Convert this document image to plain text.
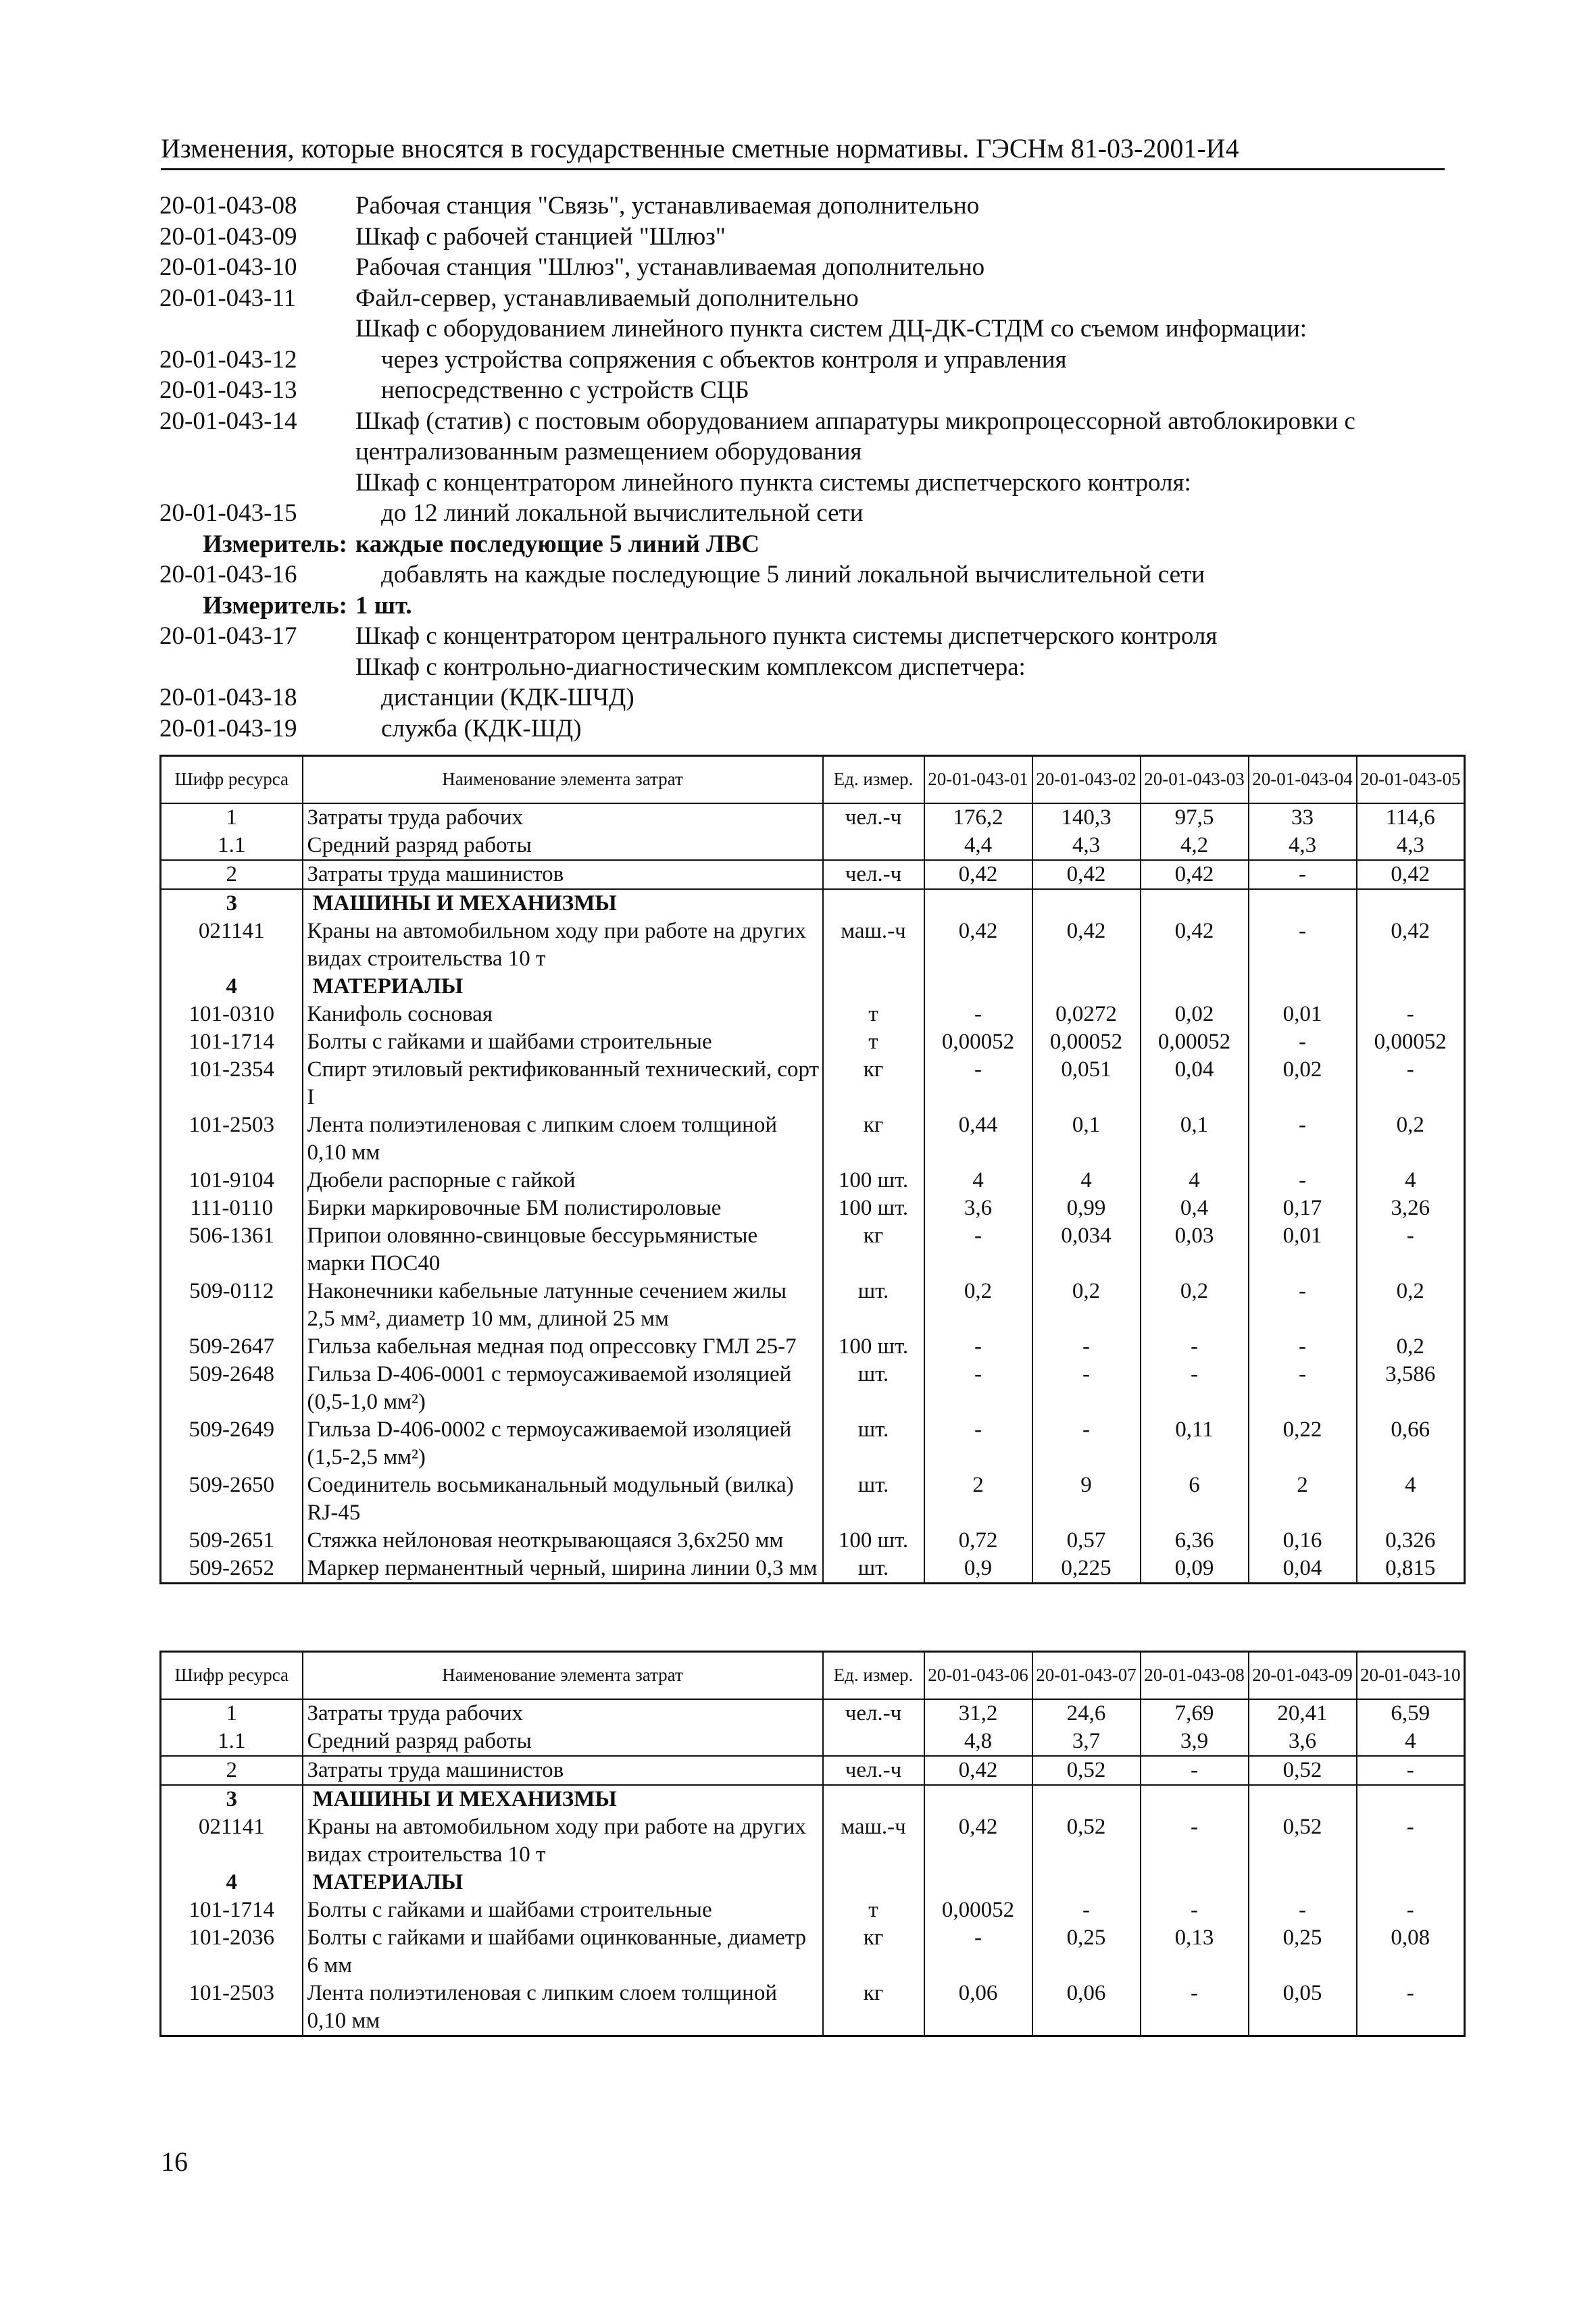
Изменения, которые вносятся в государственные сметные нормативы. ГЭСНм 81-03-2001-И4
20-01-043-08	Рабочая станция "Связь", устанавливаемая дополнительно
20-01-043-09	Шкаф с рабочей станцией "Шлюз"
20-01-043-10	Рабочая станция "Шлюз", устанавливаемая дополнительно
20-01-043-11	Файл-сервер, устанавливаемый дополнительно
Шкаф с оборудованием линейного пункта систем ДЦ-ДК-СТДМ со съемом информации:
20-01-043-12	через устройства сопряжения с объектов контроля и управления
20-01-043-13	непосредственно с устройств СЦБ
20-01-043-14	Шкаф (статив) с постовым оборудованием аппаратуры микропроцессорной автоблокировки с
централизованным размещением оборудования
Шкаф с концентратором линейного пункта системы диспетчерского контроля:
20-01-043-15	до 12 линий локальной вычислительной сети
Измеритель: каждые последующие 5 линий ЛВС
20-01-043-16	добавлять на каждые последующие 5 линий локальной вычислительной сети
Измеритель: 1 шт.
20-01-043-17	Шкаф с концентратором центрального пункта системы диспетчерского контроля
Шкаф с контрольно-диагностическим комплексом диспетчера:
20-01-043-18	дистанции (КДК-ШЧД)
20-01-043-19	служба (КДК-ШД)
Шифр ресурса	Наименование элемента затрат	Ед. измер.	20-01-043-01	20-01-043-02	20-01-043-03	20-01-043-04	20-01-043-05
1	Затраты труда рабочих	чел.-ч	176,2	140,3	97,5	33	114,6
1.1	Средний разряд работы		4,4	4,3	4,2	4,3	4,3
2	Затраты труда машинистов	чел.-ч	0,42	0,42	0,42	-	0,42
3	МАШИНЫ И МЕХАНИЗМЫ						
021141	Краны на автомобильном ходу при работе на других видах строительства 10 т	маш.-ч	0,42	0,42	0,42	-	0,42
4	МАТЕРИАЛЫ						
101-0310	Канифоль сосновая	т	-	0,0272	0,02	0,01	-
101-1714	Болты с гайками и шайбами строительные	т	0,00052	0,00052	0,00052	-	0,00052
101-2354	Спирт этиловый ректификованный технический, сорт I	кг	-	0,051	0,04	0,02	-
101-2503	Лента полиэтиленовая с липким слоем толщиной 0,10 мм	кг	0,44	0,1	0,1	-	0,2
101-9104	Дюбели распорные с гайкой	100 шт.	4	4	4	-	4
111-0110	Бирки маркировочные БМ полистироловые	100 шт.	3,6	0,99	0,4	0,17	3,26
506-1361	Припои оловянно-свинцовые бессурьмянистые марки ПОС40	кг	-	0,034	0,03	0,01	-
509-0112	Наконечники кабельные латунные сечением жилы 2,5 мм², диаметр 10 мм, длиной 25 мм	шт.	0,2	0,2	0,2	-	0,2
509-2647	Гильза кабельная медная под опрессовку ГМЛ 25-7	100 шт.	-	-	-	-	0,2
509-2648	Гильза D-406-0001 с термоусаживаемой изоляцией (0,5-1,0 мм²)	шт.	-	-	-	-	3,586
509-2649	Гильза D-406-0002 с термоусаживаемой изоляцией (1,5-2,5 мм²)	шт.	-	-	0,11	0,22	0,66
509-2650	Соединитель восьмиканальный модульный (вилка) RJ-45	шт.	2	9	6	2	4
509-2651	Стяжка нейлоновая неоткрывающаяся 3,6х250 мм	100 шт.	0,72	0,57	6,36	0,16	0,326
509-2652	Маркер перманентный черный, ширина линии 0,3 мм	шт.	0,9	0,225	0,09	0,04	0,815
Шифр ресурса	Наименование элемента затрат	Ед. измер.	20-01-043-06	20-01-043-07	20-01-043-08	20-01-043-09	20-01-043-10
1	Затраты труда рабочих	чел.-ч	31,2	24,6	7,69	20,41	6,59
1.1	Средний разряд работы		4,8	3,7	3,9	3,6	4
2	Затраты труда машинистов	чел.-ч	0,42	0,52	-	0,52	-
3	МАШИНЫ И МЕХАНИЗМЫ						
021141	Краны на автомобильном ходу при работе на других видах строительства 10 т	маш.-ч	0,42	0,52	-	0,52	-
4	МАТЕРИАЛЫ						
101-1714	Болты с гайками и шайбами строительные	т	0,00052	-	-	-	-
101-2036	Болты с гайками и шайбами оцинкованные, диаметр 6 мм	кг	-	0,25	0,13	0,25	0,08
101-2503	Лента полиэтиленовая с липким слоем толщиной 0,10 мм	кг	0,06	0,06	-	0,05	-
16
